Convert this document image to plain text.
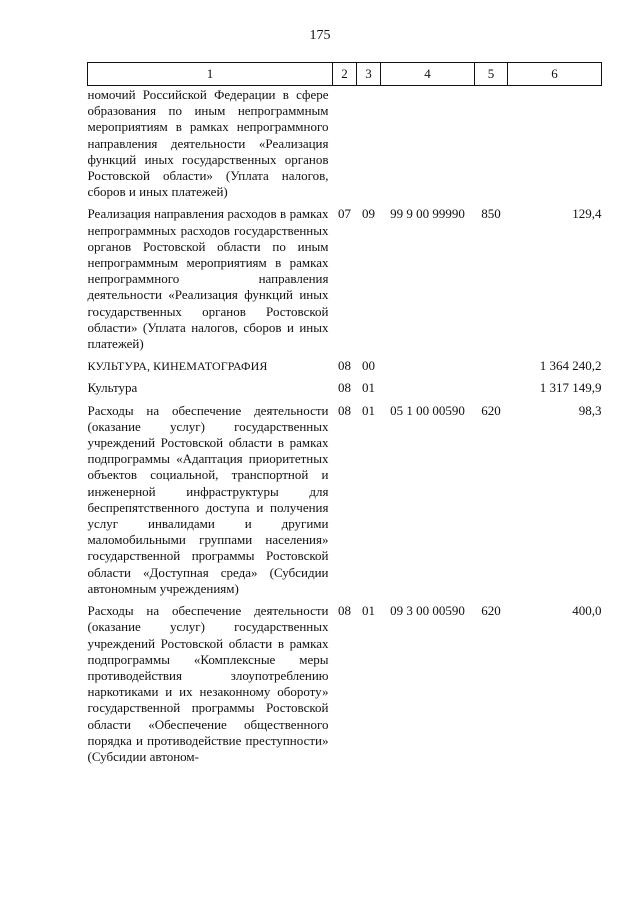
175
1	2	3	4	5	6
номочий Российской Федерации в сфере образования по иным непрограммным мероприятиям в рамках непрограммного направления деятельности «Реализация функций иных государственных органов Ростовской области» (Уплата налогов, сборов и иных платежей)					
Реализация направления расходов в рамках непрограммных расходов государственных органов Ростовской области по иным непрограммным мероприятиям в рамках непрограммного направления деятельности «Реализация функций иных государственных органов Ростовской области» (Уплата налогов, сборов и иных платежей)	07	09	99 9 00 99990	850	129,4
КУЛЬТУРА, КИНЕМАТОГРАФИЯ	08	00			1 364 240,2
Культура	08	01			1 317 149,9
Расходы на обеспечение деятельности (оказание услуг) государственных учреждений Ростовской области в рамках подпрограммы «Адаптация приоритетных объектов социальной, транспортной и инженерной инфраструктуры для беспрепятственного доступа и получения услуг инвалидами и другими маломобильными группами населения» государственной программы Ростовской области «Доступная среда» (Субсидии автономным учреждениям)	08	01	05 1 00 00590	620	98,3
Расходы на обеспечение деятельности (оказание услуг) государственных учреждений Ростовской области в рамках подпрограммы «Комплексные меры противодействия злоупотреблению наркотиками и их незаконному обороту» государственной программы Ростовской области «Обеспечение общественного порядка и противодействие преступности» (Субсидии автоном-	08	01	09 3 00 00590	620	400,0
